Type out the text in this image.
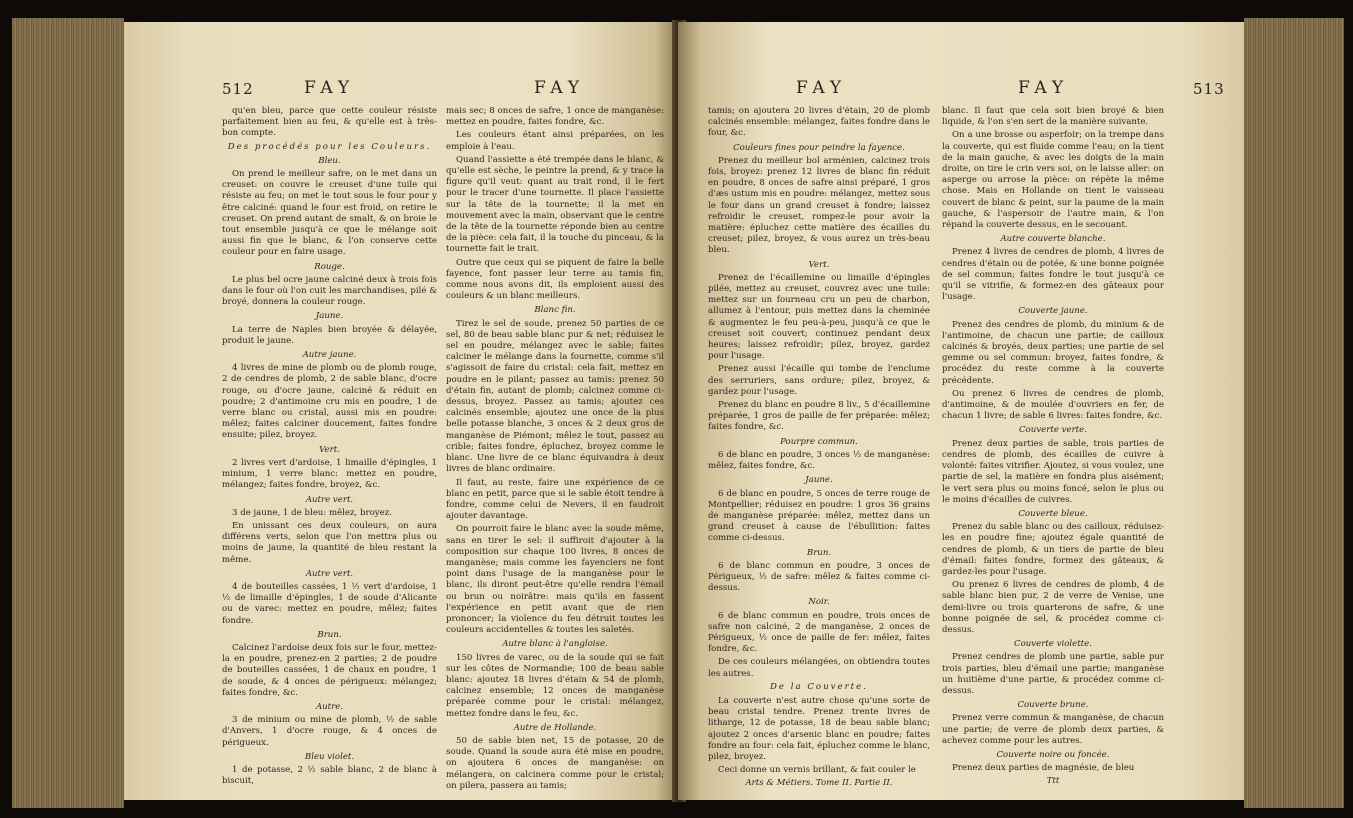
512	FAY	FAY

qu'en bleu, parce que cette couleur résiste parfaitement bien au feu, & qu'elle est à très-bon compte.

Des procédés pour les Couleurs.

Bleu.

On prend le meilleur safre, on le met dans un creuset: on couvre le creuset d'une tuile qui résiste au feu; on met le tout sous le four pour y être calciné: quand le four est froid, on retire le creuset. On prend autant de smalt, & on broie le tout ensemble jusqu'à ce que le mélange soit aussi fin que le blanc, & l'on conserve cette couleur pour en faire usage.

Rouge.

Le plus bel ocre jaune calciné deux à trois fois dans le four où l'on cuit les marchandises, pilé & broyé, donnera la couleur rouge.

Jaune.

La terre de Naples bien broyée & délayée, produit le jaune.

Autre jaune.

4 livres de mine de plomb ou de plomb rouge, 2 de cendres de plomb, 2 de sable blanc, d'ocre rouge, ou d'ocre jaune, calciné & réduit en poudre; 2 d'antimoine cru mis en poudre, 1 de verre blanc ou cristal, aussi mis en poudre: mêlez; faites calciner doucement, faites fondre ensuite; pilez, broyez.

Vert.

2 livres vert d'ardoise, 1 limaille d'épingles, 1 minium, 1 verre blanc: mettez en poudre, mélangez; faites fondre, broyez, &c.

Autre vert.

3 de jaune, 1 de bleu: mêlez, broyez.

En unissant ces deux couleurs, on aura différens verts, selon que l'on mettra plus ou moins de jaune, la quantité de bleu restant la même.

Autre vert.

4 de bouteilles cassées, 1 ½ vert d'ardoise, 1 ½ de limaille d'épingles, 1 de soude d'Alicante ou de varec: mettez en poudre, mêlez; faites fondre.

Brun.

Calcinez l'ardoise deux fois sur le four, mettez-la en poudre, prenez-en 2 parties; 2 de poudre de bouteilles cassées, 1 de chaux en poudre, 1 de soude, & 4 onces de périgueux: mélangez; faites fondre, &c.

Autre.

3 de minium ou mine de plomb, ½ de sable d'Anvers, 1 d'ocre rouge, & 4 onces de périgueux.

Bleu violet.

1 de potasse, 2 ½ sable blanc, 2 de blanc à biscuit,

mais sec; 8 onces de safre, 1 once de manganèse: mettez en poudre, faites fondre, &c.

Les couleurs étant ainsi préparées, on les emploie à l'eau.

Quand l'assiette a été trempée dans le blanc, & qu'elle est sèche, le peintre la prend, & y trace la figure qu'il veut: quant au trait rond, il le fert pour le tracer d'une tournette. Il place l'assiette sur la tête de la tournette; il la met en mouvement avec la main, observant que le centre de la tête de la tournette réponde bien au centre de la pièce: cela fait, il la touche du pinceau, & la tournette fait le trait.

Outre que ceux qui se piquent de faire la belle fayence, font passer leur terre au tamis fin, comme nous avons dit, ils emploient aussi des couleurs & un blanc meilleurs.

Blanc fin.

Tirez le sel de soude, prenez 50 parties de ce sel, 80 de beau sable blanc pur & net; réduisez le sel en poudre, mélangez avec le sable; faites calciner le mélange dans la fournette, comme s'il s'agissoit de faire du cristal: cela fait, mettez en poudre en le pilant; passez au tamis: prenez 50 d'étain fin, autant de plomb; calcinez comme ci-dessus, broyez. Passez au tamis; ajoutez ces calcinés ensemble; ajoutez une once de la plus belle potasse blanche, 3 onces & 2 deux gros de manganèse de Piémont; mêlez le tout, passez au crible; faites fondre, épluchez, broyez comme le blanc. Une livre de ce blanc équivaudra à deux livres de blanc ordinaire.

Il faut, au reste, faire une expérience de ce blanc en petit, parce que si le sable étoit tendre à fondre, comme celui de Nevers, il en faudroit ajouter davantage.

On pourroit faire le blanc avec la soude même, sans en tirer le sel: il suffiroit d'ajouter à la composition sur chaque 100 livres, 8 onces de manganèse; mais comme les fayenciers ne font point dans l'usage de la manganèse pour le blanc, ils diront peut-être qu'elle rendra l'émail ou brun ou noirâtre: mais qu'ils en fassent l'expérience en petit avant que de rien prononcer; la violence du feu détruit toutes les couleurs accidentelles & toutes les saletés.

Autre blanc à l'angloise.

150 livres de varec, ou de la soude qui se fait sur les côtes de Normandie; 100 de beau sable blanc: ajoutez 18 livres d'étain & 54 de plomb, calcinez ensemble; 12 onces de manganèse préparée comme pour le cristal: mélangez, mettez fondre dans le feu, &c.

Autre de Hollande.

50 de sable bien net, 15 de potasse, 20 de soude. Quand la soude aura été mise en poudre, on ajoutera 6 onces de manganèse: on mélangera, on calcinera comme pour le cristal; on pilera, passera au tamis;

FAY	FAY	513

tamis; on ajoutera 20 livres d'étain, 20 de plomb calcinés ensemble: mélangez, faites fondre dans le four, &c.

Couleurs fines pour peindre la fayence.

Prenez du meilleur bol arménien, calcinez trois fois, broyez: prenez 12 livres de blanc fin réduit en poudre, 8 onces de safre ainsi préparé, 1 gros d'æs ustum mis en poudre: mélangez, mettez sous le four dans un grand creuset à fondre; laissez refroidir le creuset, rompez-le pour avoir la matière: épluchez cette matière des écailles du creuset; pilez, broyez, & vous aurez un très-beau bleu.

Vert.

Prenez de l'écaillemine ou limaille d'épingles pilée, mettez au creuset, couvrez avec une tuile: mettez sur un fourneau cru un peu de charbon, allumez à l'entour, puis mettez dans la cheminée & augmentez le feu peu-à-peu, jusqu'à ce que le creuset soit couvert; continuez pendant deux heures; laissez refroidir; pilez, broyez, gardez pour l'usage.

Prenez aussi l'écaille qui tombe de l'enclume des serruriers, sans ordure; pilez, broyez, & gardez pour l'usage.

Prenez du blanc en poudre 8 liv., 5 d'écaillemine préparée, 1 gros de paille de fer préparée: mêlez; faites fondre, &c.

Pourpre commun.

6 de blanc en poudre, 3 onces ½ de manganèse: mêlez, faites fondre, &c.

Jaune.

6 de blanc en poudre, 5 onces de terre rouge de Montpellier; réduisez en poudre: 1 gros 36 grains de manganèse préparée: mêlez, mettez dans un grand creuset à cause de l'ébullition: faites comme ci-dessus.

Brun.

6 de blanc commun en poudre, 3 onces de Périgueux, ½ de safre: mêlez & faites comme ci-dessus.

Noir.

6 de blanc commun en poudre, trois onces de safre non calciné, 2 de manganèse, 2 onces de Périgueux, ½ once de paille de fer: mêlez, faites fondre, &c.

De ces couleurs mélangées, on obtiendra toutes les autres.

De la Couverte.

La couverte n'est autre chose qu'une sorte de beau cristal tendre. Prenez trente livres de litharge, 12 de potasse, 18 de beau sable blanc; ajoutez 2 onces d'arsenic blanc en poudre; faites fondre au four: cela fait, épluchez comme le blanc, pilez, broyez.

Ceci donne un vernis brillant, & fait couler le

Arts & Métiers. Tome II. Partie II.

blanc. Il faut que cela soit bien broyé & bien liquide, & l'on s'en sert de la manière suivante.

On a une brosse ou asperfoir; on la trempe dans la couverte, qui est fluide comme l'eau; on la tient de la main gauche, & avec les doigts de la main droite, on tire le crin vers soi, on le laisse aller: on asperge ou arrose la pièce: on répète la même chose. Mais en Hollande on tient le vaisseau couvert de blanc & peint, sur la paume de la main gauche, & l'aspersoir de l'autre main, & l'on répand la couverte dessus, en le secouant.

Autre couverte blanche.

Prenez 4 livres de cendres de plomb, 4 livres de cendres d'étain ou de potée, & une bonne poignée de sel commun; faites fondre le tout jusqu'à ce qu'il se vitrifie, & formez-en des gâteaux pour l'usage.

Couverte jaune.

Prenez des cendres de plomb, du minium & de l'antimoine, de chacun une partie; de cailloux calcinés & broyés, deux parties; une partie de sel gemme ou sel commun: broyez, faites fondre, & procédez du reste comme à la couverte précédente.

Ou prenez 6 livres de cendres de plomb, d'antimoine, & de moulée d'ouvriers en fer, de chacun 1 livre; de sable 6 livres: faites fondre, &c.

Couverte verte.

Prenez deux parties de sable, trois parties de cendres de plomb, des écailles de cuivre à volonté: faites vitrifier. Ajoutez, si vous voulez, une partie de sel, la matière en fondra plus aisément; le vert sera plus ou moins foncé, selon le plus ou le moins d'écailles de cuivres.

Couverte bleue.

Prenez du sable blanc ou des cailloux, réduisez-les en poudre fine; ajoutez égale quantité de cendres de plomb, & un tiers de partie de bleu d'émail: faites fondre, formez des gâteaux, & gardez-les pour l'usage.

Ou prenez 6 livres de cendres de plomb, 4 de sable blanc bien pur, 2 de verre de Venise, une demi-livre ou trois quarterons de safre, & une bonne poignée de sel, & procédez comme ci-dessus.

Couverte violette.

Prenez cendres de plomb une partie, sable pur trois parties, bleu d'émail une partie; manganèse un huitième d'une partie, & procédez comme ci-dessus.

Couverte brune.

Prenez verre commun & manganèse, de chacun une partie; de verre de plomb deux parties, & achevez comme pour les autres.

Couverte noire ou foncée.

Prenez deux parties de magnésie, de bleu

Ttt
